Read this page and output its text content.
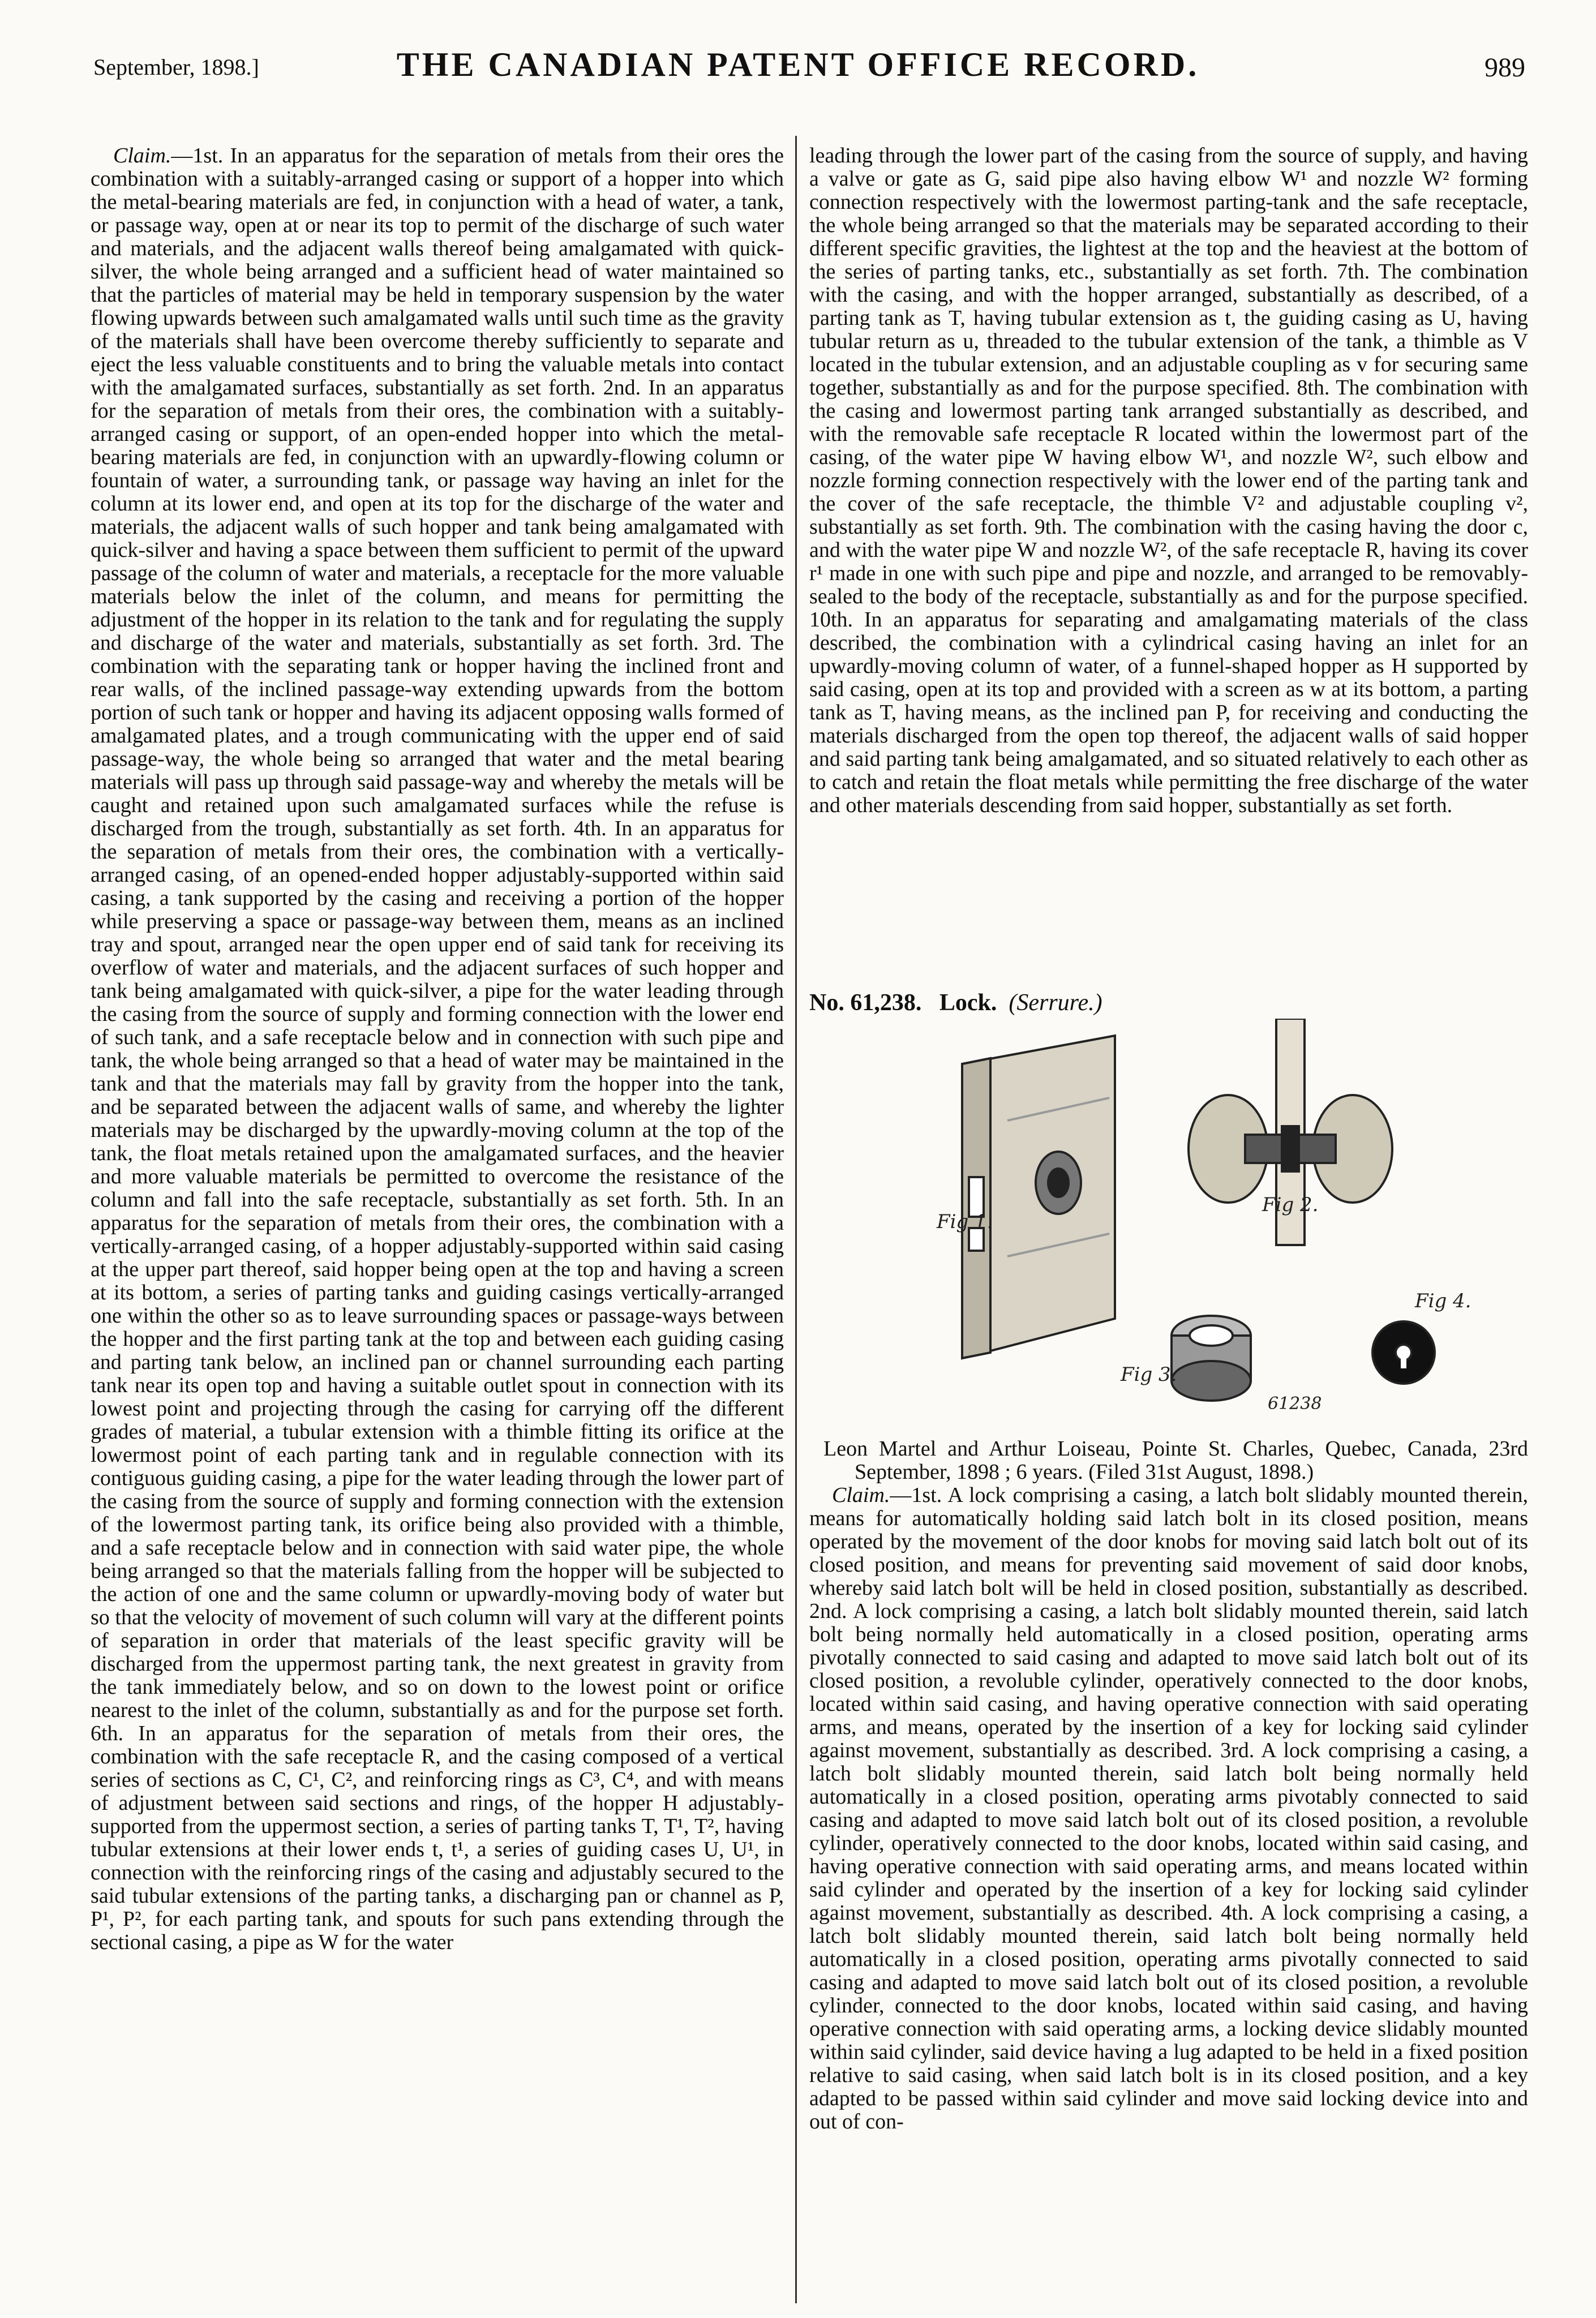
September, 1898.]	THE CANADIAN PATENT OFFICE RECORD.	989

Claim.—1st. In an apparatus for the separation of metals from their ores the combination with a suitably-arranged casing or support of a hopper into which the metal-bearing materials are fed, in conjunction with a head of water, a tank, or passage way, open at or near its top to permit of the discharge of such water and materials, and the adjacent walls thereof being amalgamated with quick-silver, the whole being arranged and a sufficient head of water maintained so that the particles of material may be held in temporary suspension by the water flowing upwards between such amalgamated walls until such time as the gravity of the materials shall have been overcome thereby sufficiently to separate and eject the less valuable constituents and to bring the valuable metals into contact with the amalgamated surfaces, substantially as set forth. 2nd. In an apparatus for the separation of metals from their ores, the combination with a suitably-arranged casing or support, of an open-ended hopper into which the metal-bearing materials are fed, in conjunction with an upwardly-flowing column or fountain of water, a surrounding tank, or passage way having an inlet for the column at its lower end, and open at its top for the discharge of the water and materials, the adjacent walls of such hopper and tank being amalgamated with quick-silver and having a space between them sufficient to permit of the upward passage of the column of water and materials, a receptacle for the more valuable materials below the inlet of the column, and means for permitting the adjustment of the hopper in its relation to the tank and for regulating the supply and discharge of the water and materials, substantially as set forth. 3rd. The combination with the separating tank or hopper having the inclined front and rear walls, of the inclined passage-way extending upwards from the bottom portion of such tank or hopper and having its adjacent opposing walls formed of amalgamated plates, and a trough communicating with the upper end of said passage-way, the whole being so arranged that water and the metal bearing materials will pass up through said passage-way and whereby the metals will be caught and retained upon such amalgamated surfaces while the refuse is discharged from the trough, substantially as set forth. 4th. In an apparatus for the separation of metals from their ores, the combination with a vertically-arranged casing, of an opened-ended hopper adjustably-supported within said casing, a tank supported by the casing and receiving a portion of the hopper while preserving a space or passage-way between them, means as an inclined tray and spout, arranged near the open upper end of said tank for receiving its overflow of water and materials, and the adjacent surfaces of such hopper and tank being amalgamated with quick-silver, a pipe for the water leading through the casing from the source of supply and forming connection with the lower end of such tank, and a safe receptacle below and in connection with such pipe and tank, the whole being arranged so that a head of water may be maintained in the tank and that the materials may fall by gravity from the hopper into the tank, and be separated between the adjacent walls of same, and whereby the lighter materials may be discharged by the upwardly-moving column at the top of the tank, the float metals retained upon the amalgamated surfaces, and the heavier and more valuable materials be permitted to overcome the resistance of the column and fall into the safe receptacle, substantially as set forth. 5th. In an apparatus for the separation of metals from their ores, the combination with a vertically-arranged casing, of a hopper adjustably-supported within said casing at the upper part thereof, said hopper being open at the top and having a screen at its bottom, a series of parting tanks and guiding casings vertically-arranged one within the other so as to leave surrounding spaces or passage-ways between the hopper and the first parting tank at the top and between each guiding casing and parting tank below, an inclined pan or channel surrounding each parting tank near its open top and having a suitable outlet spout in connection with its lowest point and projecting through the casing for carrying off the different grades of material, a tubular extension with a thimble fitting its orifice at the lowermost point of each parting tank and in regulable connection with its contiguous guiding casing, a pipe for the water leading through the lower part of the casing from the source of supply and forming connection with the extension of the lowermost parting tank, its orifice being also provided with a thimble, and a safe receptacle below and in connection with said water pipe, the whole being arranged so that the materials falling from the hopper will be subjected to the action of one and the same column or upwardly-moving body of water but so that the velocity of movement of such column will vary at the different points of separation in order that materials of the least specific gravity will be discharged from the uppermost parting tank, the next greatest in gravity from the tank immediately below, and so on down to the lowest point or orifice nearest to the inlet of the column, substantially as and for the purpose set forth. 6th. In an apparatus for the separation of metals from their ores, the combination with the safe receptacle R, and the casing composed of a vertical series of sections as C, C¹, C², and reinforcing rings as C³, C⁴, and with means of adjustment between said sections and rings, of the hopper H adjustably-supported from the uppermost section, a series of parting tanks T, T¹, T², having tubular extensions at their lower ends t, t¹, a series of guiding cases U, U¹, in connection with the reinforcing rings of the casing and adjustably secured to the said tubular extensions of the parting tanks, a discharging pan or channel as P, P¹, P², for each parting tank, and spouts for such pans extending through the sectional casing, a pipe as W for the water

leading through the lower part of the casing from the source of supply, and having a valve or gate as G, said pipe also having elbow W¹ and nozzle W² forming connection respectively with the lowermost parting-tank and the safe receptacle, the whole being arranged so that the materials may be separated according to their different specific gravities, the lightest at the top and the heaviest at the bottom of the series of parting tanks, etc., substantially as set forth. 7th. The combination with the casing, and with the hopper arranged, substantially as described, of a parting tank as T, having tubular extension as t, the guiding casing as U, having tubular return as u, threaded to the tubular extension of the tank, a thimble as V located in the tubular extension, and an adjustable coupling as v for securing same together, substantially as and for the purpose specified. 8th. The combination with the casing and lowermost parting tank arranged substantially as described, and with the removable safe receptacle R located within the lowermost part of the casing, of the water pipe W having elbow W¹, and nozzle W², such elbow and nozzle forming connection respectively with the lower end of the parting tank and the cover of the safe receptacle, the thimble V² and adjustable coupling v², substantially as set forth. 9th. The combination with the casing having the door c, and with the water pipe W and nozzle W², of the safe receptacle R, having its cover r¹ made in one with such pipe and pipe and nozzle, and arranged to be removably-sealed to the body of the receptacle, substantially as and for the purpose specified. 10th. In an apparatus for separating and amalgamating materials of the class described, the combination with a cylindrical casing having an inlet for an upwardly-moving column of water, of a funnel-shaped hopper as H supported by said casing, open at its top and provided with a screen as w at its bottom, a parting tank as T, having means, as the inclined pan P, for receiving and conducting the materials discharged from the open top thereof, the adjacent walls of said hopper and said parting tank being amalgamated, and so situated relatively to each other as to catch and retain the float metals while permitting the free discharge of the water and other materials descending from said hopper, substantially as set forth.

No. 61,238. Lock. (Serrure.)
Fig 1.
Fig 2.
Fig 3.
Fig 4.
61238

Leon Martel and Arthur Loiseau, Pointe St. Charles, Quebec, Canada, 23rd September, 1898 ; 6 years. (Filed 31st August, 1898.)

Claim.—1st. A lock comprising a casing, a latch bolt slidably mounted therein, means for automatically holding said latch bolt in its closed position, means operated by the movement of the door knobs for moving said latch bolt out of its closed position, and means for preventing said movement of said door knobs, whereby said latch bolt will be held in closed position, substantially as described. 2nd. A lock comprising a casing, a latch bolt slidably mounted therein, said latch bolt being normally held automatically in a closed position, operating arms pivotally connected to said casing and adapted to move said latch bolt out of its closed position, a revoluble cylinder, operatively connected to the door knobs, located within said casing, and having operative connection with said operating arms, and means, operated by the insertion of a key for locking said cylinder against movement, substantially as described. 3rd. A lock comprising a casing, a latch bolt slidably mounted therein, said latch bolt being normally held automatically in a closed position, operating arms pivotably connected to said casing and adapted to move said latch bolt out of its closed position, a revoluble cylinder, operatively connected to the door knobs, located within said casing, and having operative connection with said operating arms, and means located within said cylinder and operated by the insertion of a key for locking said cylinder against movement, substantially as described. 4th. A lock comprising a casing, a latch bolt slidably mounted therein, said latch bolt being normally held automatically in a closed position, operating arms pivotally connected to said casing and adapted to move said latch bolt out of its closed position, a revoluble cylinder, connected to the door knobs, located within said casing, and having operative connection with said operating arms, a locking device slidably mounted within said cylinder, said device having a lug adapted to be held in a fixed position relative to said casing, when said latch bolt is in its closed position, and a key adapted to be passed within said cylinder and move said locking device into and out of con-
